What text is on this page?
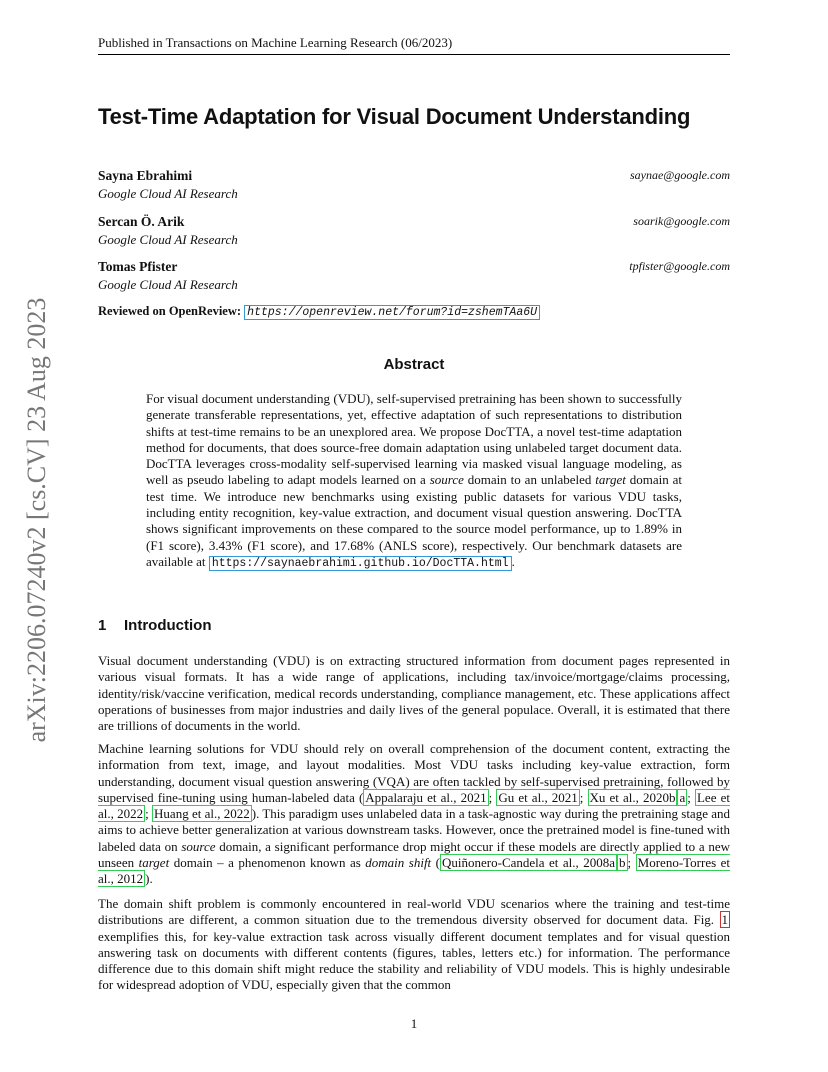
arXiv:2206.07240v2 [cs.CV] 23 Aug 2023
Published in Transactions on Machine Learning Research (06/2023)
Test-Time Adaptation for Visual Document Understanding
Sayna Ebrahimi
Google Cloud AI Research
saynae@google.com
Sercan Ö. Arik
Google Cloud AI Research
soarik@google.com
Tomas Pfister
Google Cloud AI Research
tpfister@google.com
Reviewed on OpenReview: https://openreview.net/forum?id=zshemTAa6U
Abstract
For visual document understanding (VDU), self-supervised pretraining has been shown to successfully generate transferable representations, yet, effective adaptation of such representations to distribution shifts at test-time remains to be an unexplored area. We propose DocTTA, a novel test-time adaptation method for documents, that does source-free domain adaptation using unlabeled target document data. DocTTA leverages cross-modality self-supervised learning via masked visual language modeling, as well as pseudo labeling to adapt models learned on a source domain to an unlabeled target domain at test time. We introduce new benchmarks using existing public datasets for various VDU tasks, including entity recognition, key-value extraction, and document visual question answering. DocTTA shows significant improvements on these compared to the source model performance, up to 1.89% in (F1 score), 3.43% (F1 score), and 17.68% (ANLS score), respectively. Our benchmark datasets are available at https://saynaebrahimi.github.io/DocTTA.html .
1 Introduction
Visual document understanding (VDU) is on extracting structured information from document pages represented in various visual formats. It has a wide range of applications, including tax/invoice/mortgage/claims processing, identity/risk/vaccine verification, medical records understanding, compliance management, etc. These applications affect operations of businesses from major industries and daily lives of the general populace. Overall, it is estimated that there are trillions of documents in the world.
Machine learning solutions for VDU should rely on overall comprehension of the document content, extracting the information from text, image, and layout modalities. Most VDU tasks including key-value extraction, form understanding, document visual question answering (VQA) are often tackled by self-supervised pretraining, followed by supervised fine-tuning using human-labeled data ( Appalaraju et al., 2021 ; Gu et al., 2021 ; Xu et al., 2020b a ; Lee et al., 2022 ; Huang et al., 2022 ). This paradigm uses unlabeled data in a task-agnostic way during the pretraining stage and aims to achieve better generalization at various downstream tasks. However, once the pretrained model is fine-tuned with labeled data on source domain, a significant performance drop might occur if these models are directly applied to a new unseen target domain – a phenomenon known as domain shift ( Quiñonero-Candela et al., 2008a b ; Moreno-Torres et al., 2012 ).
The domain shift problem is commonly encountered in real-world VDU scenarios where the training and test-time distributions are different, a common situation due to the tremendous diversity observed for document data. Fig. 1 exemplifies this, for key-value extraction task across visually different document templates and for visual question answering task on documents with different contents (figures, tables, letters etc.) for information. The performance difference due to this domain shift might reduce the stability and reliability of VDU models. This is highly undesirable for widespread adoption of VDU, especially given that the common
1
